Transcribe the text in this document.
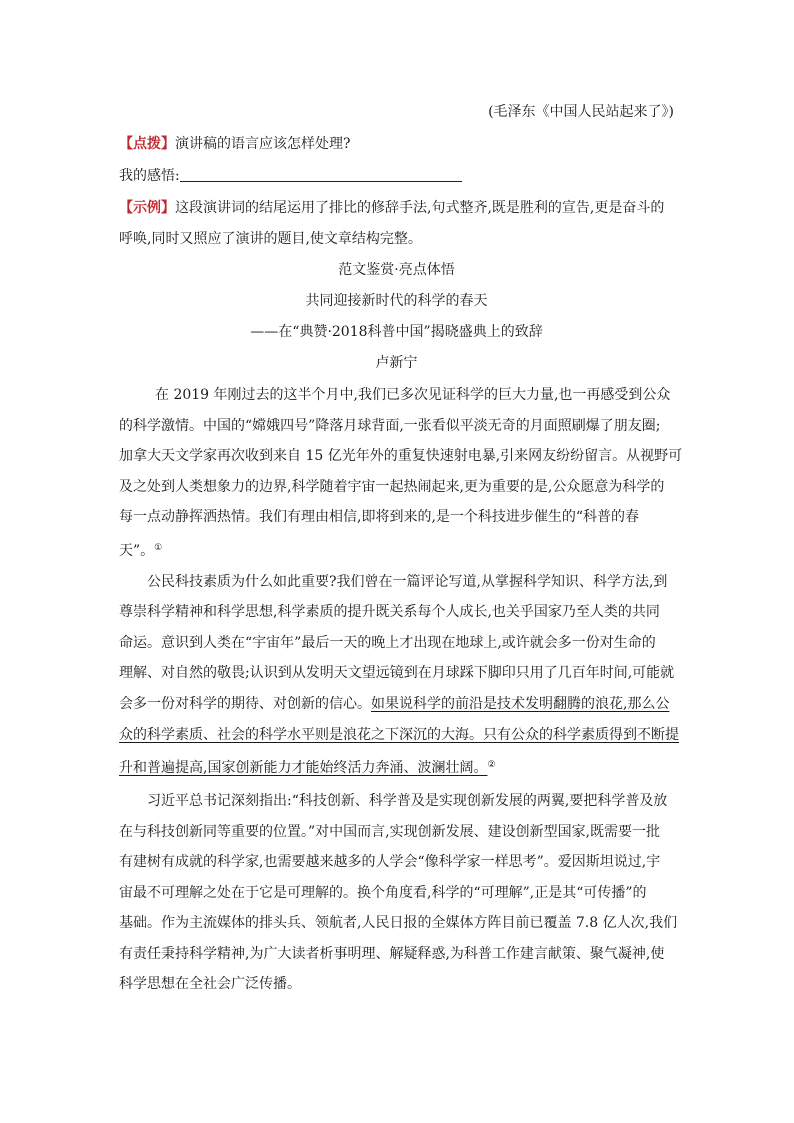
(毛泽东《中国人民站起来了》)
【点拨】演讲稿的语言应该怎样处理?
我的感悟:
【示例】这段演讲词的结尾运用了排比的修辞手法,句式整齐,既是胜利的宣告,更是奋斗的
呼唤,同时又照应了演讲的题目,使文章结构完整。
范文鉴赏·亮点体悟
共同迎接新时代的科学的春天
——在“典赞·2018科普中国”揭晓盛典上的致辞
卢新宁
在 2019 年刚过去的这半个月中,我们已多次见证科学的巨大力量,也一再感受到公众
的科学激情。中国的“嫦娥四号”降落月球背面,一张看似平淡无奇的月面照刷爆了朋友圈;
加拿大天文学家再次收到来自 15 亿光年外的重复快速射电暴,引来网友纷纷留言。从视野可
及之处到人类想象力的边界,科学随着宇宙一起热闹起来,更为重要的是,公众愿意为科学的
每一点动静挥洒热情。我们有理由相信,即将到来的,是一个科技进步催生的“科普的春
天”。①
公民科技素质为什么如此重要?我们曾在一篇评论写道,从掌握科学知识、科学方法,到
尊崇科学精神和科学思想,科学素质的提升既关系每个人成长,也关乎国家乃至人类的共同
命运。意识到人类在“宇宙年”最后一天的晚上才出现在地球上,或许就会多一份对生命的
理解、对自然的敬畏;认识到从发明天文望远镜到在月球踩下脚印只用了几百年时间,可能就
会多一份对科学的期待、对创新的信心。如果说科学的前沿是技术发明翻腾的浪花,那么公
众的科学素质、社会的科学水平则是浪花之下深沉的大海。只有公众的科学素质得到不断提
升和普遍提高,国家创新能力才能始终活力奔涌、波澜壮阔。②
习近平总书记深刻指出:“科技创新、科学普及是实现创新发展的两翼,要把科学普及放
在与科技创新同等重要的位置。”对中国而言,实现创新发展、建设创新型国家,既需要一批
有建树有成就的科学家,也需要越来越多的人学会“像科学家一样思考”。爱因斯坦说过,宇
宙最不可理解之处在于它是可理解的。换个角度看,科学的“可理解”,正是其“可传播”的
基础。作为主流媒体的排头兵、领航者,人民日报的全媒体方阵目前已覆盖 7.8 亿人次,我们
有责任秉持科学精神,为广大读者析事明理、解疑释惑,为科普工作建言献策、聚气凝神,使
科学思想在全社会广泛传播。
